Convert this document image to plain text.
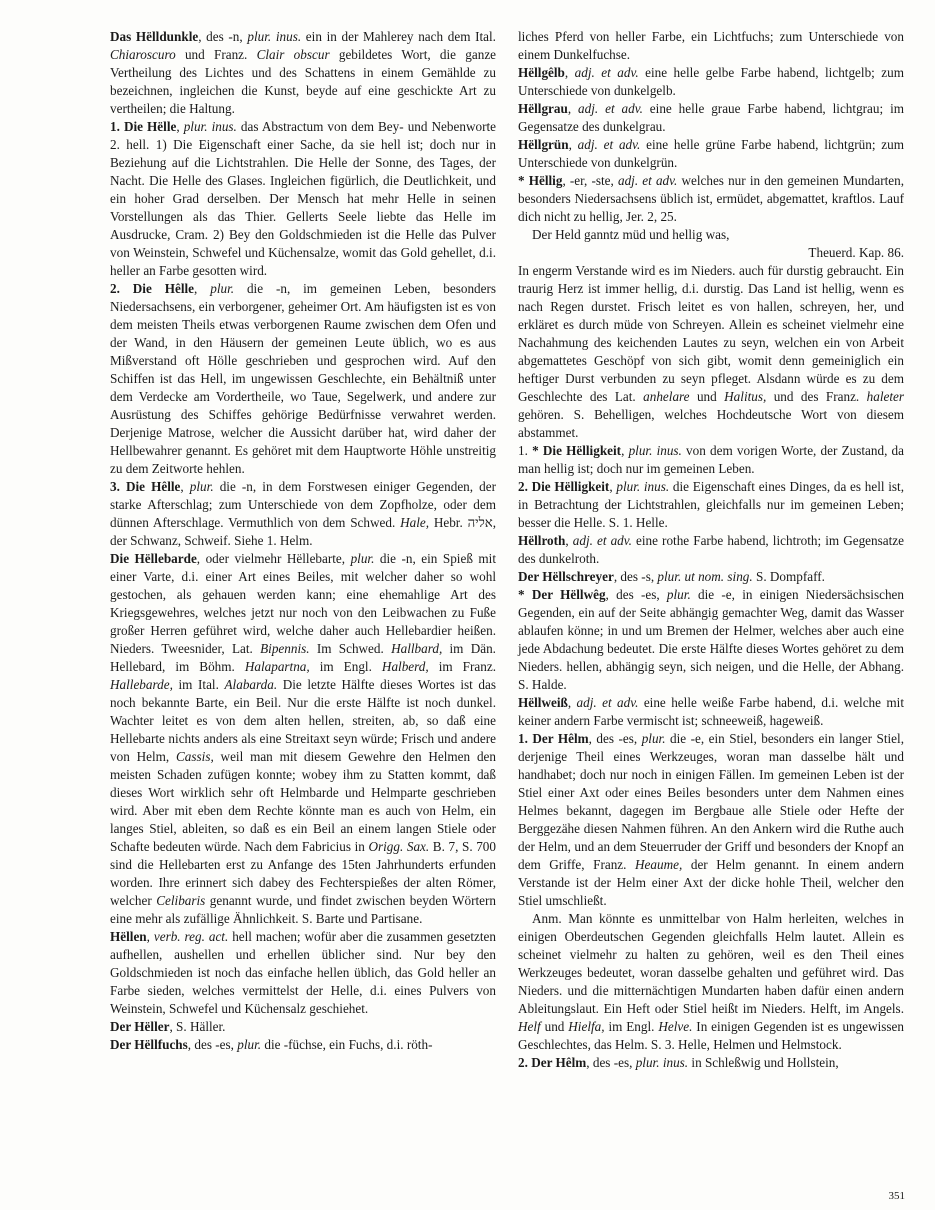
Das Hëlldunkle, des -n, plur. inus. ein in der Mahlerey nach dem Ital. Chiaroscuro und Franz. Clair obscur gebildetes Wort, die ganze Vertheilung des Lichtes und des Schattens in einem Gemählde zu bezeichnen, ingleichen die Kunst, beyde auf eine geschickte Art zu vertheilen; die Haltung.

1. Die Hëlle, plur. inus. das Abstractum von dem Bey- und Nebenworte 2. hell. 1) Die Eigenschaft einer Sache, da sie hell ist; doch nur in Beziehung auf die Lichtstrahlen. Die Helle der Sonne, des Tages, der Nacht. Die Helle des Glases. Ingleichen figürlich, die Deutlichkeit, und ein hoher Grad derselben. Der Mensch hat mehr Helle in seinen Vorstellungen als das Thier. Gellerts Seele liebte das Helle im Ausdrucke, Cram. 2) Bey den Goldschmieden ist die Helle das Pulver von Weinstein, Schwefel und Küchensalze, womit das Gold gehellet, d.i. heller an Farbe gesotten wird.

2. Die Hêlle, plur. die -n, im gemeinen Leben, besonders Niedersachsens, ein verborgener, geheimer Ort. Am häufigsten ist es von dem meisten Theils etwas verborgenen Raume zwischen dem Ofen und der Wand, in den Häusern der gemeinen Leute üblich, wo es aus Mißverstand oft Hölle geschrieben und gesprochen wird. Auf den Schiffen ist das Hell, im ungewissen Geschlechte, ein Behältniß unter dem Verdecke am Vordertheile, wo Taue, Segelwerk, und andere zur Ausrüstung des Schiffes gehörige Bedürfnisse verwahret werden. Derjenige Matrose, welcher die Aussicht darüber hat, wird daher der Hellbewahrer genannt. Es gehöret mit dem Hauptworte Höhle unstreitig zu dem Zeitworte hehlen.

3. Die Hêlle, plur. die -n, in dem Forstwesen einiger Gegenden, der starke Afterschlag; zum Unterschiede von dem Zopfholze, oder dem dünnen Afterschlage. Vermuthlich von dem Schwed. Hale, Hebr. אליה, der Schwanz, Schweif. Siehe 1. Helm.

Die Hëllebarde, oder vielmehr Hëllebarte, plur. die -n, ein Spieß mit einer Varte, d.i. einer Art eines Beiles, mit welcher daher so wohl gestochen, als gehauen werden kann; eine ehemahlige Art des Kriegsgewehres, welches jetzt nur noch von den Leibwachen zu Fuße großer Herren geführet wird, welche daher auch Hellebardier heißen. Nieders. Tweesnider, Lat. Bipennis. Im Schwed. Hallbard, im Dän. Hellebard, im Böhm. Halapartna, im Engl. Halberd, im Franz. Hallebarde, im Ital. Alabarda. Die letzte Hälfte dieses Wortes ist das noch bekannte Barte, ein Beil. Nur die erste Hälfte ist noch dunkel. Wachter leitet es von dem alten hellen, streiten, ab, so daß eine Hellebarte nichts anders als eine Streitaxt seyn würde; Frisch und andere von Helm, Cassis, weil man mit diesem Gewehre den Helmen den meisten Schaden zufügen konnte; wobey ihm zu Statten kommt, daß dieses Wort wirklich sehr oft Helmbarde und Helmparte geschrieben wird. Aber mit eben dem Rechte könnte man es auch von Helm, ein langes Stiel, ableiten, so daß es ein Beil an einem langen Stiele oder Schafte bedeuten würde. Nach dem Fabricius in Origg. Sax. B. 7, S. 700 sind die Hellebarten erst zu Anfange des 15ten Jahrhunderts erfunden worden. Ihre erinnert sich dabey des Fechterspießes der alten Römer, welcher Celibaris genannt wurde, und findet zwischen beyden Wörtern eine mehr als zufällige Ähnlichkeit. S. Barte und Partisane.

Hëllen, verb. reg. act. hell machen; wofür aber die zusammen gesetzten aufhellen, aushellen und erhellen üblicher sind. Nur bey den Goldschmieden ist noch das einfache hellen üblich, das Gold heller an Farbe sieden, welches vermittelst der Helle, d.i. eines Pulvers von Weinstein, Schwefel und Küchensalz geschiehet.

Der Hëller, S. Häller.

Der Hëllfuchs, des -es, plur. die -füchse, ein Fuchs, d.i. röth-

liches Pferd von heller Farbe, ein Lichtfuchs; zum Unterschiede von einem Dunkelfuchse.

Hëllgêlb, adj. et adv. eine helle gelbe Farbe habend, lichtgelb; zum Unterschiede von dunkelgelb.

Hëllgrau, adj. et adv. eine helle graue Farbe habend, lichtgrau; im Gegensatze des dunkelgrau.

Hëllgrün, adj. et adv. eine helle grüne Farbe habend, lichtgrün; zum Unterschiede von dunkelgrün.

* Hëllig, -er, -ste, adj. et adv. welches nur in den gemeinen Mundarten, besonders Niedersachsens üblich ist, ermüdet, abgemattet, kraftlos. Lauf dich nicht zu hellig, Jer. 2, 25.

Der Held ganntz müd und hellig was,

Theuerd. Kap. 86.

In engerm Verstande wird es im Nieders. auch für durstig gebraucht. Ein traurig Herz ist immer hellig, d.i. durstig. Das Land ist hellig, wenn es nach Regen durstet. Frisch leitet es von hallen, schreyen, her, und erkläret es durch müde von Schreyen. Allein es scheinet vielmehr eine Nachahmung des keichenden Lautes zu seyn, welchen ein von Arbeit abgemattetes Geschöpf von sich gibt, womit denn gemeiniglich ein heftiger Durst verbunden zu seyn pfleget. Alsdann würde es zu dem Geschlechte des Lat. anhelare und Halitus, und des Franz. haleter gehören. S. Behelligen, welches Hochdeutsche Wort von diesem abstammet.

1. * Die Hëlligkeit, plur. inus. von dem vorigen Worte, der Zustand, da man hellig ist; doch nur im gemeinen Leben.

2. Die Hëlligkeit, plur. inus. die Eigenschaft eines Dinges, da es hell ist, in Betrachtung der Lichtstrahlen, gleichfalls nur im gemeinen Leben; besser die Helle. S. 1. Helle.

Hëllroth, adj. et adv. eine rothe Farbe habend, lichtroth; im Gegensatze des dunkelroth.

Der Hëllschreyer, des -s, plur. ut nom. sing. S. Dompfaff.

* Der Hëllwêg, des -es, plur. die -e, in einigen Niedersächsischen Gegenden, ein auf der Seite abhängig gemachter Weg, damit das Wasser ablaufen könne; in und um Bremen der Helmer, welches aber auch eine jede Abdachung bedeutet. Die erste Hälfte dieses Wortes gehöret zu dem Nieders. hellen, abhängig seyn, sich neigen, und die Helle, der Abhang. S. Halde.

Hëllweiß, adj. et adv. eine helle weiße Farbe habend, d.i. welche mit keiner andern Farbe vermischt ist; schneeweiß, hageweiß.

1. Der Hêlm, des -es, plur. die -e, ein Stiel, besonders ein langer Stiel, derjenige Theil eines Werkzeuges, woran man dasselbe hält und handhabet; doch nur noch in einigen Fällen. Im gemeinen Leben ist der Stiel einer Axt oder eines Beiles besonders unter dem Nahmen eines Helmes bekannt, dagegen im Bergbaue alle Stiele oder Hefte der Berggezähe diesen Nahmen führen. An den Ankern wird die Ruthe auch der Helm, und an dem Steuerruder der Griff und besonders der Knopf an dem Griffe, Franz. Heaume, der Helm genannt. In einem andern Verstande ist der Helm einer Axt der dicke hohle Theil, welcher den Stiel umschließt.

Anm. Man könnte es unmittelbar von Halm herleiten, welches in einigen Oberdeutschen Gegenden gleichfalls Helm lautet. Allein es scheinet vielmehr zu halten zu gehören, weil es den Theil eines Werkzeuges bedeutet, woran dasselbe gehalten und geführet wird. Das Nieders. und die mitternächtigen Mundarten haben dafür einen andern Ableitungslaut. Ein Heft oder Stiel heißt im Nieders. Helft, im Angels. Helf und Hielfa, im Engl. Helve. In einigen Gegenden ist es ungewissen Geschlechtes, das Helm. S. 3. Helle, Helmen und Helmstock.

2. Der Hêlm, des -es, plur. inus. in Schleßwig und Hollstein,

351
